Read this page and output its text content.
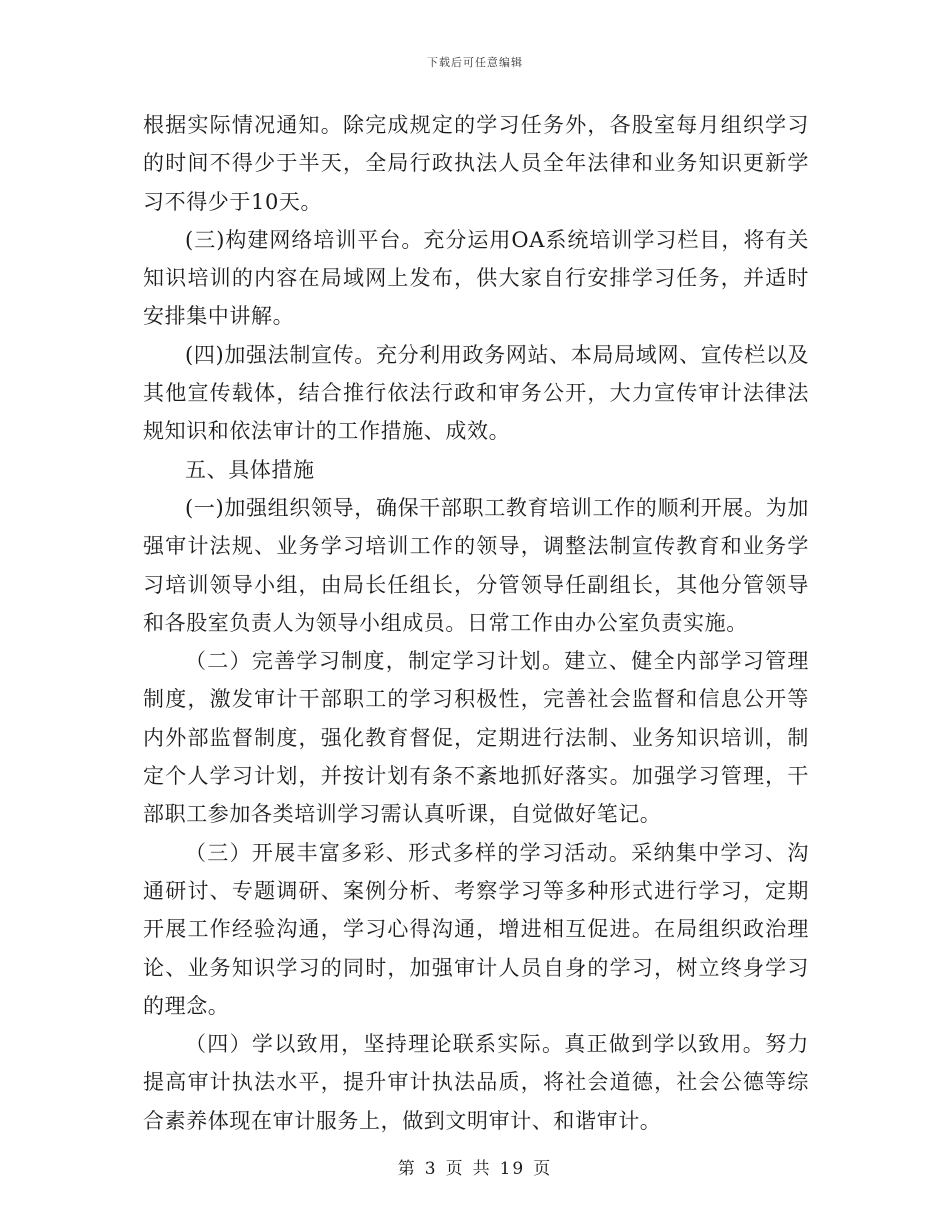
下载后可任意编辑

根据实际情况通知。除完成规定的学习任务外，各股室每月组织学习的时间不得少于半天，全局行政执法人员全年法律和业务知识更新学习不得少于10天。

(三)构建网络培训平台。充分运用OA系统培训学习栏目，将有关知识培训的内容在局域网上发布，供大家自行安排学习任务，并适时安排集中讲解。

(四)加强法制宣传。充分利用政务网站、本局局域网、宣传栏以及其他宣传载体，结合推行依法行政和审务公开，大力宣传审计法律法规知识和依法审计的工作措施、成效。

五、具体措施

(一)加强组织领导，确保干部职工教育培训工作的顺利开展。为加强审计法规、业务学习培训工作的领导，调整法制宣传教育和业务学习培训领导小组，由局长任组长，分管领导任副组长，其他分管领导和各股室负责人为领导小组成员。日常工作由办公室负责实施。

（二）完善学习制度，制定学习计划。建立、健全内部学习管理制度，激发审计干部职工的学习积极性，完善社会监督和信息公开等内外部监督制度，强化教育督促，定期进行法制、业务知识培训，制定个人学习计划，并按计划有条不紊地抓好落实。加强学习管理，干部职工参加各类培训学习需认真听课，自觉做好笔记。

（三）开展丰富多彩、形式多样的学习活动。采纳集中学习、沟通研讨、专题调研、案例分析、考察学习等多种形式进行学习，定期开展工作经验沟通，学习心得沟通，增进相互促进。在局组织政治理论、业务知识学习的同时，加强审计人员自身的学习，树立终身学习的理念。

（四）学以致用，坚持理论联系实际。真正做到学以致用。努力提高审计执法水平，提升审计执法品质，将社会道德，社会公德等综合素养体现在审计服务上，做到文明审计、和谐审计。

第 3 页 共 19 页
